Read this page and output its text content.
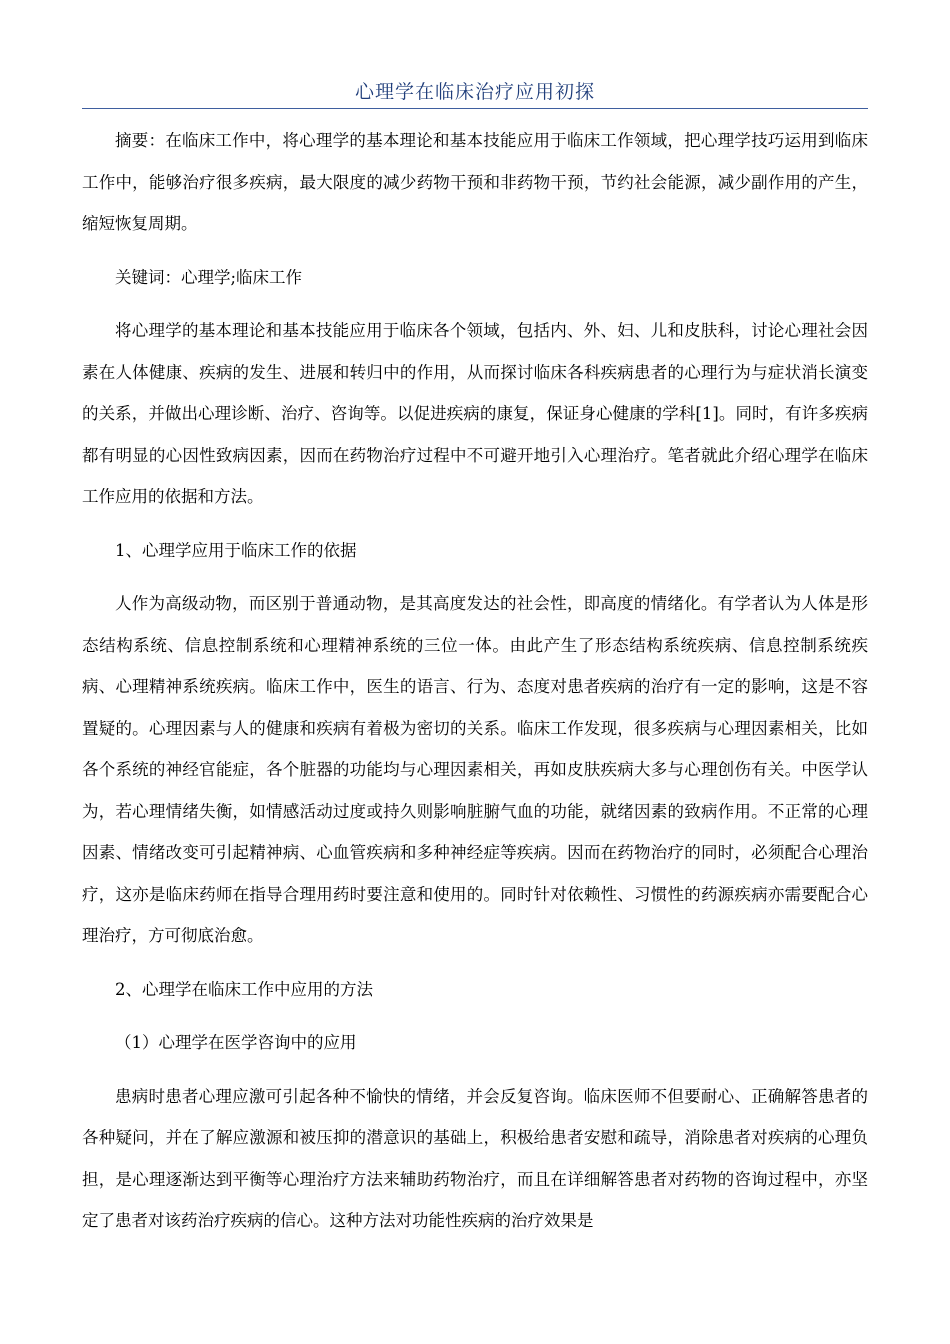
心理学在临床治疗应用初探

摘要：在临床工作中，将心理学的基本理论和基本技能应用于临床工作领域，把心理学技巧运用到临床工作中，能够治疗很多疾病，最大限度的减少药物干预和非药物干预，节约社会能源，减少副作用的产生，缩短恢复周期。

关键词：心理学;临床工作

将心理学的基本理论和基本技能应用于临床各个领域，包括内、外、妇、儿和皮肤科，讨论心理社会因素在人体健康、疾病的发生、进展和转归中的作用，从而探讨临床各科疾病患者的心理行为与症状消长演变的关系，并做出心理诊断、治疗、咨询等。以促进疾病的康复，保证身心健康的学科[1]。同时，有许多疾病都有明显的心因性致病因素，因而在药物治疗过程中不可避开地引入心理治疗。笔者就此介绍心理学在临床工作应用的依据和方法。

1、心理学应用于临床工作的依据

人作为高级动物，而区别于普通动物，是其高度发达的社会性，即高度的情绪化。有学者认为人体是形态结构系统、信息控制系统和心理精神系统的三位一体。由此产生了形态结构系统疾病、信息控制系统疾病、心理精神系统疾病。临床工作中，医生的语言、行为、态度对患者疾病的治疗有一定的影响，这是不容置疑的。心理因素与人的健康和疾病有着极为密切的关系。临床工作发现，很多疾病与心理因素相关，比如各个系统的神经官能症，各个脏器的功能均与心理因素相关，再如皮肤疾病大多与心理创伤有关。中医学认为，若心理情绪失衡，如情感活动过度或持久则影响脏腑气血的功能，就绪因素的致病作用。不正常的心理因素、情绪改变可引起精神病、心血管疾病和多种神经症等疾病。因而在药物治疗的同时，必须配合心理治疗，这亦是临床药师在指导合理用药时要注意和使用的。同时针对依赖性、习惯性的药源疾病亦需要配合心理治疗，方可彻底治愈。

2、心理学在临床工作中应用的方法

（1）心理学在医学咨询中的应用

患病时患者心理应激可引起各种不愉快的情绪，并会反复咨询。临床医师不但要耐心、正确解答患者的各种疑问，并在了解应激源和被压抑的潜意识的基础上，积极给患者安慰和疏导，消除患者对疾病的心理负担，是心理逐渐达到平衡等心理治疗方法来辅助药物治疗，而且在详细解答患者对药物的咨询过程中，亦坚定了患者对该药治疗疾病的信心。这种方法对功能性疾病的治疗效果是
